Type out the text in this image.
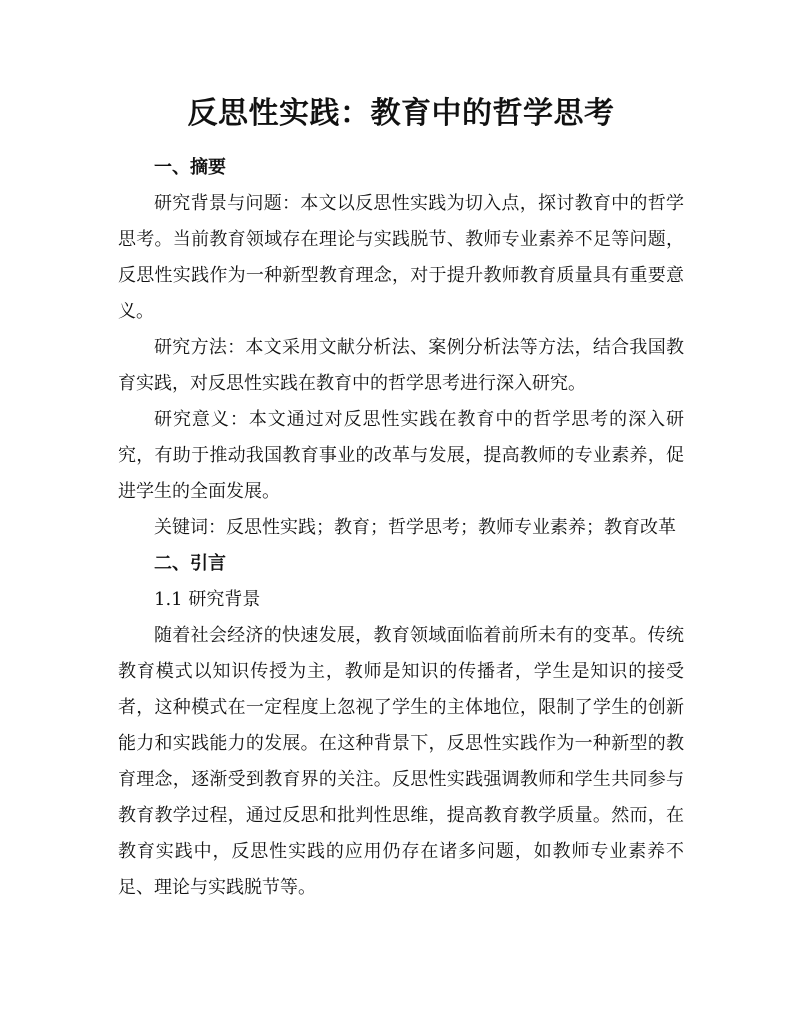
反思性实践：教育中的哲学思考

一、摘要

研究背景与问题：本文以反思性实践为切入点，探讨教育中的哲学思考。当前教育领域存在理论与实践脱节、教师专业素养不足等问题，反思性实践作为一种新型教育理念，对于提升教师教育质量具有重要意义。

研究方法：本文采用文献分析法、案例分析法等方法，结合我国教育实践，对反思性实践在教育中的哲学思考进行深入研究。

研究意义：本文通过对反思性实践在教育中的哲学思考的深入研究，有助于推动我国教育事业的改革与发展，提高教师的专业素养，促进学生的全面发展。

关键词：反思性实践；教育；哲学思考；教师专业素养；教育改革

二、引言

1.1 研究背景

随着社会经济的快速发展，教育领域面临着前所未有的变革。传统教育模式以知识传授为主，教师是知识的传播者，学生是知识的接受者，这种模式在一定程度上忽视了学生的主体地位，限制了学生的创新能力和实践能力的发展。在这种背景下，反思性实践作为一种新型的教育理念，逐渐受到教育界的关注。反思性实践强调教师和学生共同参与教育教学过程，通过反思和批判性思维，提高教育教学质量。然而，在教育实践中，反思性实践的应用仍存在诸多问题，如教师专业素养不足、理论与实践脱节等。
